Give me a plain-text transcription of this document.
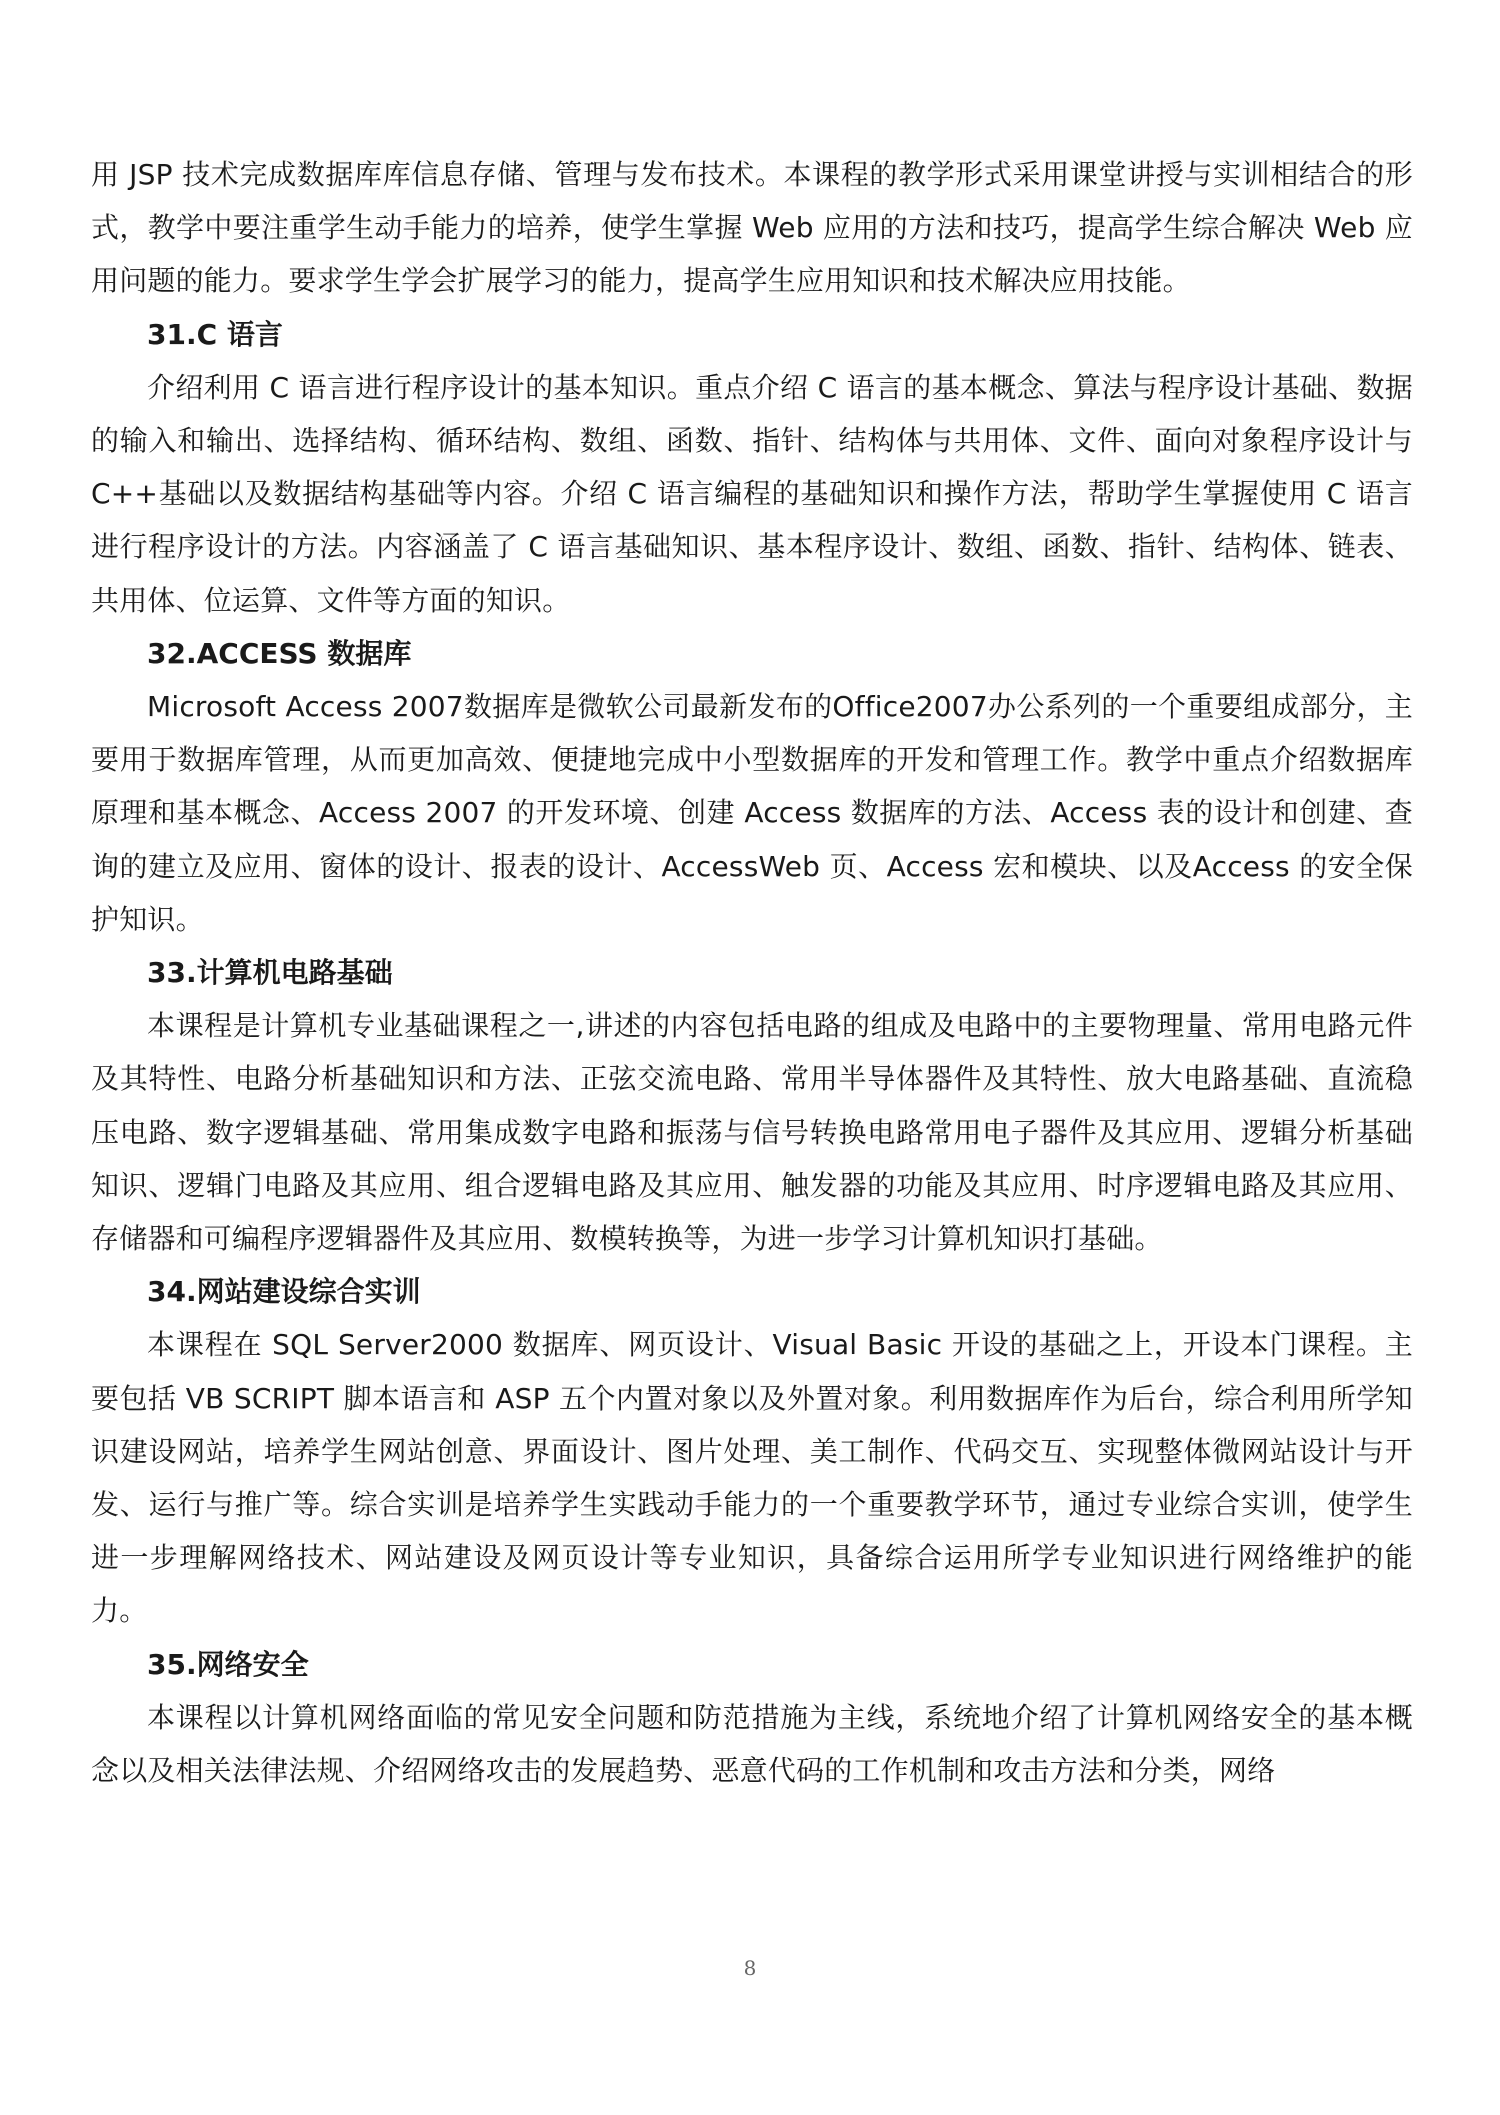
用 JSP 技术完成数据库库信息存储、管理与发布技术。本课程的教学形式采用课堂讲授与实训相结合的形式，教学中要注重学生动手能力的培养，使学生掌握 Web 应用的方法和技巧，提高学生综合解决 Web 应用问题的能力。要求学生学会扩展学习的能力，提高学生应用知识和技术解决应用技能。

31.C 语言

介绍利用 C 语言进行程序设计的基本知识。重点介绍 C 语言的基本概念、算法与程序设计基础、数据的输入和输出、选择结构、循环结构、数组、函数、指针、结构体与共用体、文件、面向对象程序设计与 C++基础以及数据结构基础等内容。介绍 C 语言编程的基础知识和操作方法，帮助学生掌握使用 C 语言进行程序设计的方法。内容涵盖了 C 语言基础知识、基本程序设计、数组、函数、指针、结构体、链表、共用体、位运算、文件等方面的知识。

32.ACCESS 数据库

Microsoft Access 2007数据库是微软公司最新发布的Office2007办公系列的一个重要组成部分，主要用于数据库管理，从而更加高效、便捷地完成中小型数据库的开发和管理工作。教学中重点介绍数据库原理和基本概念、Access 2007 的开发环境、创建 Access 数据库的方法、Access 表的设计和创建、查询的建立及应用、窗体的设计、报表的设计、AccessWeb 页、Access 宏和模块、以及Access 的安全保护知识。

33.计算机电路基础

本课程是计算机专业基础课程之一,讲述的内容包括电路的组成及电路中的主要物理量、常用电路元件及其特性、电路分析基础知识和方法、正弦交流电路、常用半导体器件及其特性、放大电路基础、直流稳压电路、数字逻辑基础、常用集成数字电路和振荡与信号转换电路常用电子器件及其应用、逻辑分析基础知识、逻辑门电路及其应用、组合逻辑电路及其应用、触发器的功能及其应用、时序逻辑电路及其应用、存储器和可编程序逻辑器件及其应用、数模转换等，为进一步学习计算机知识打基础。

34.网站建设综合实训

本课程在 SQL Server2000 数据库、网页设计、Visual Basic 开设的基础之上，开设本门课程。主要包括 VB SCRIPT 脚本语言和 ASP 五个内置对象以及外置对象。利用数据库作为后台，综合利用所学知识建设网站，培养学生网站创意、界面设计、图片处理、美工制作、代码交互、实现整体微网站设计与开发、运行与推广等。综合实训是培养学生实践动手能力的一个重要教学环节，通过专业综合实训，使学生进一步理解网络技术、网站建设及网页设计等专业知识，具备综合运用所学专业知识进行网络维护的能力。

35.网络安全

本课程以计算机网络面临的常见安全问题和防范措施为主线，系统地介绍了计算机网络安全的基本概念以及相关法律法规、介绍网络攻击的发展趋势、恶意代码的工作机制和攻击方法和分类，网络

8
